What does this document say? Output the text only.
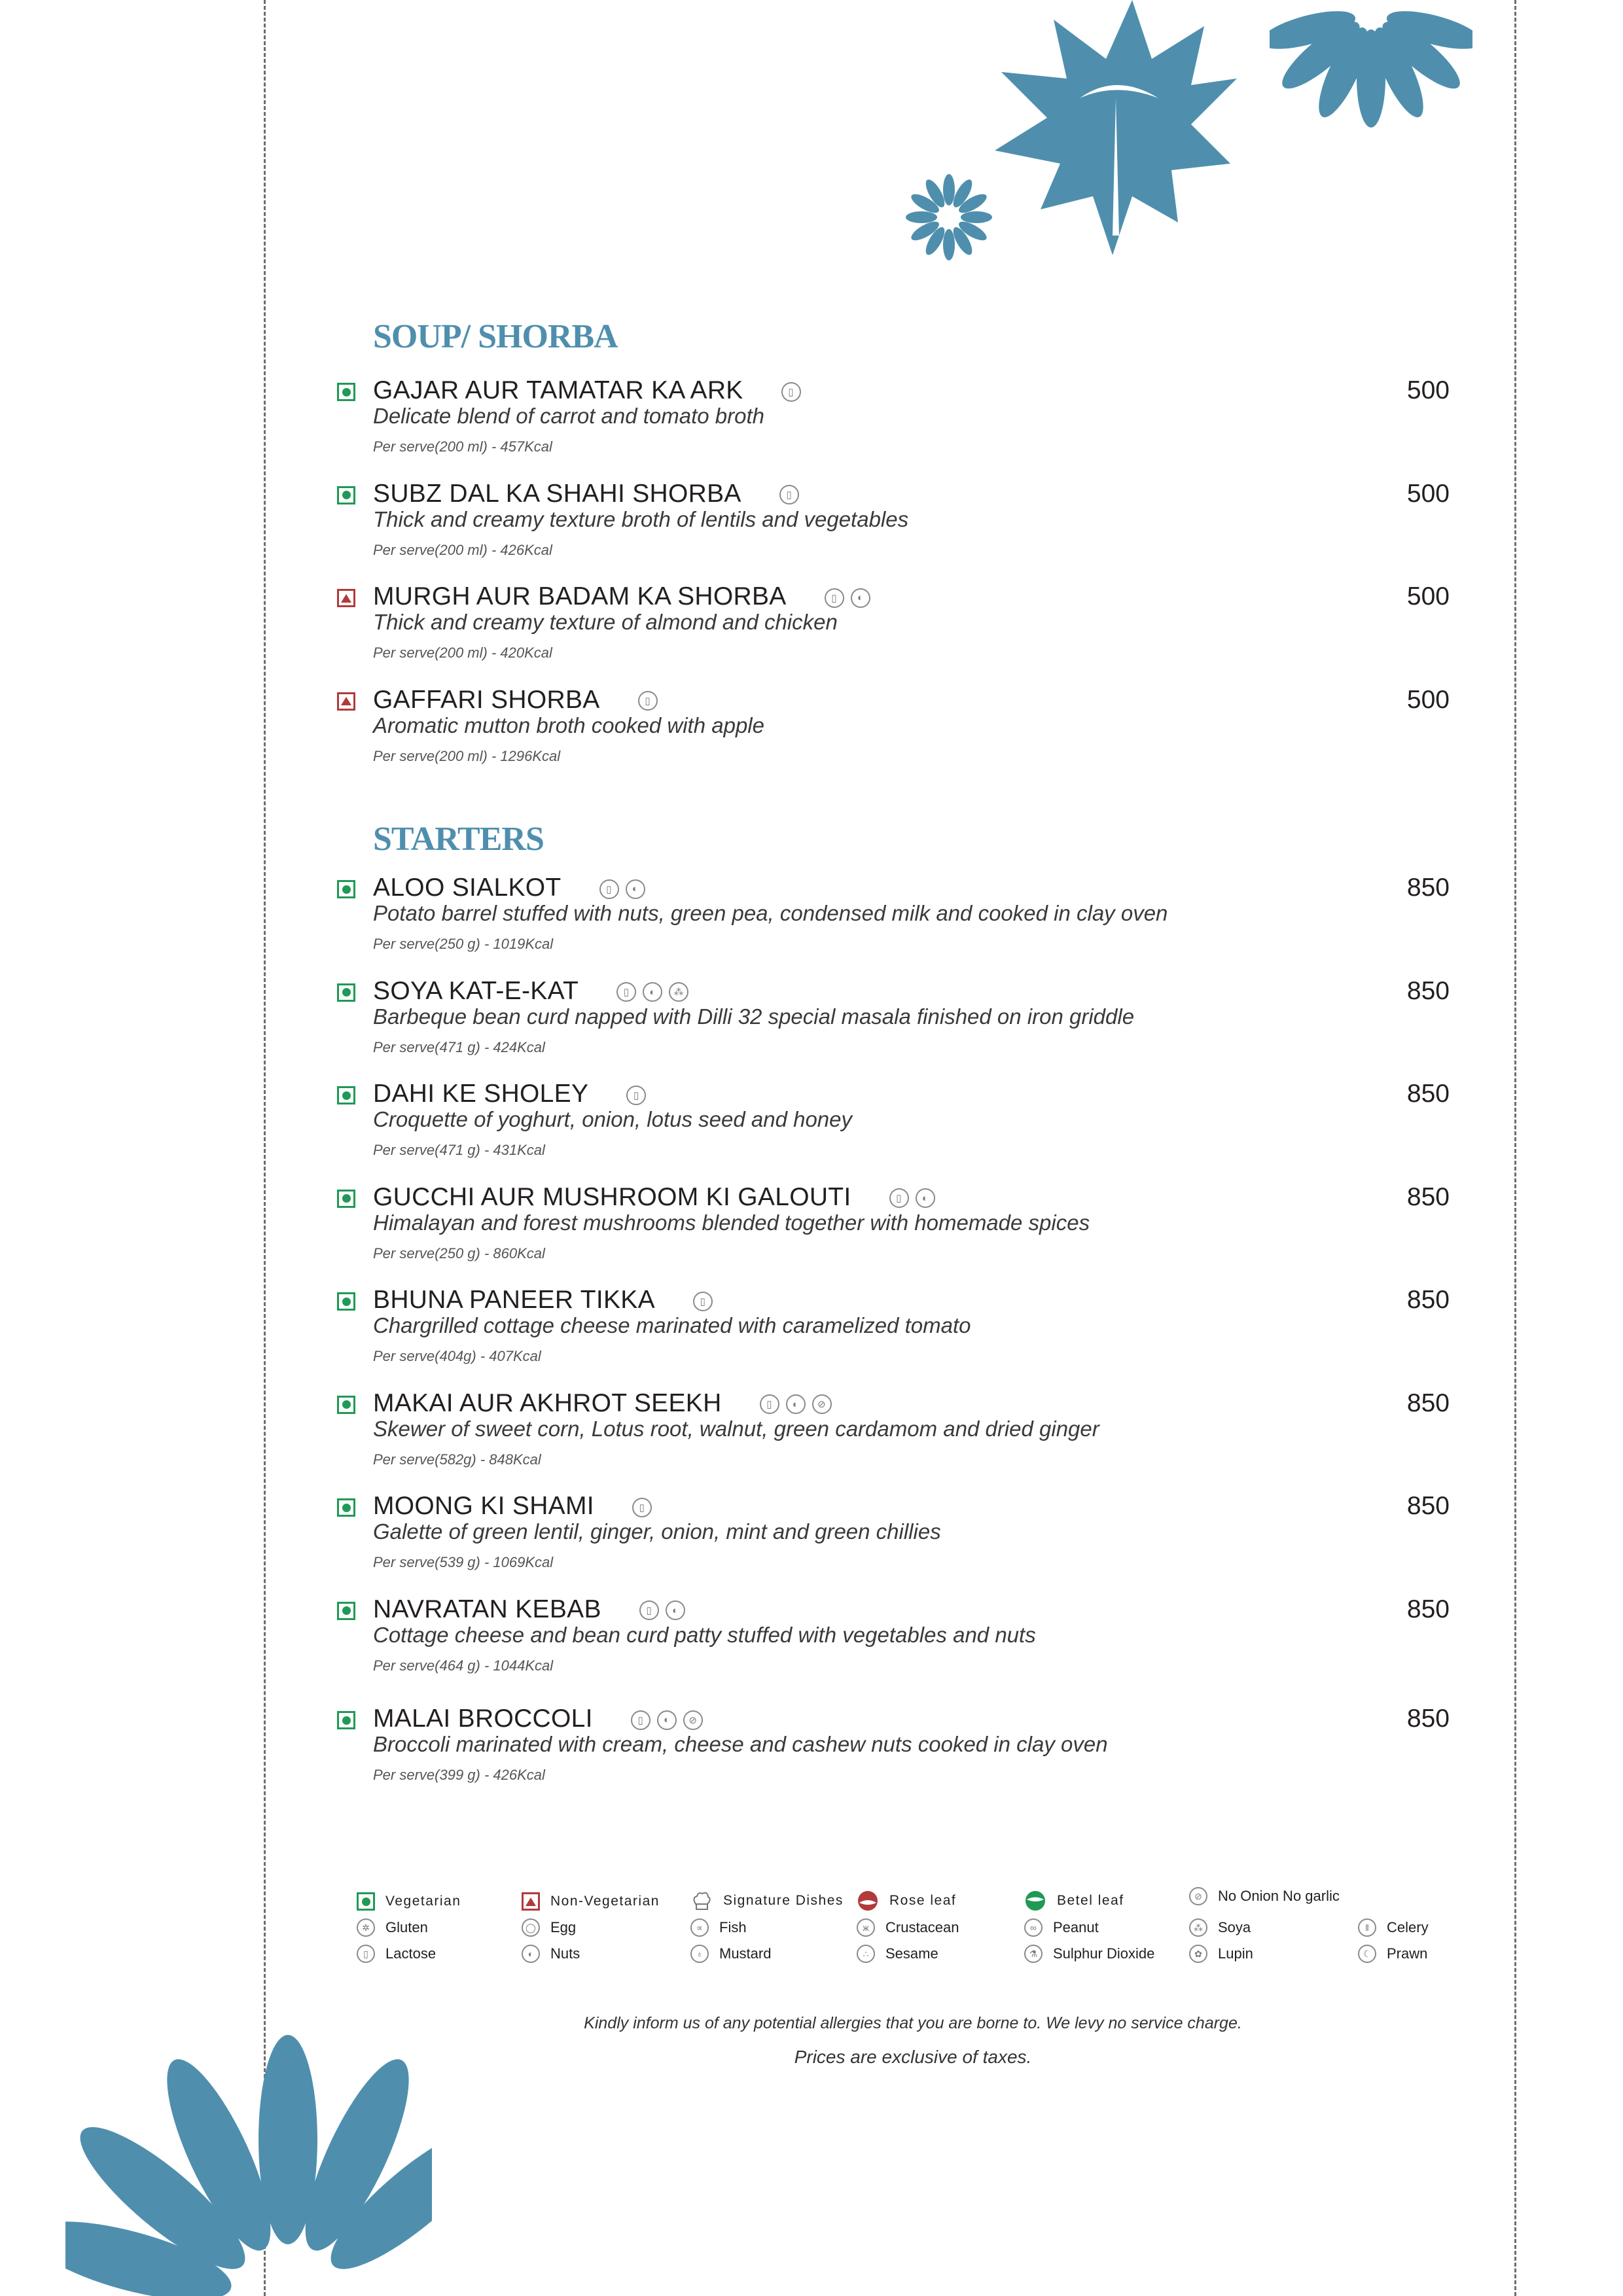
SOUP/ SHORBA
STARTERS
GAJAR AUR TAMATAR KA ARK	▯
Delicate blend of carrot and tomato broth
Per serve(200 ml) - 457Kcal
500
SUBZ DAL KA SHAHI SHORBA	▯
Thick and creamy texture broth of lentils and vegetables
Per serve(200 ml) - 426Kcal
500
MURGH AUR BADAM KA SHORBA	▯	◐
Thick and creamy texture of almond and chicken
Per serve(200 ml) - 420Kcal
500
GAFFARI SHORBA	▯
Aromatic mutton broth cooked with apple
Per serve(200 ml) - 1296Kcal
500
ALOO SIALKOT	▯	◐
Potato barrel stuffed with nuts, green pea, condensed milk and cooked in clay oven
Per serve(250 g) - 1019Kcal
850
SOYA KAT-E-KAT	▯	◐	⁂
Barbeque bean curd napped with Dilli 32 special masala finished on iron griddle
Per serve(471 g) - 424Kcal
850
DAHI KE SHOLEY	▯
Croquette of yoghurt, onion, lotus seed and honey
Per serve(471 g) - 431Kcal
850
GUCCHI AUR MUSHROOM KI GALOUTI	▯	◐
Himalayan and forest mushrooms blended together with homemade spices
Per serve(250 g) - 860Kcal
850
BHUNA PANEER TIKKA	▯
Chargrilled cottage cheese marinated with caramelized tomato
Per serve(404g) - 407Kcal
850
MAKAI AUR AKHROT SEEKH	▯	◐	⊘
Skewer of sweet corn, Lotus root, walnut, green cardamom and dried ginger
Per serve(582g) - 848Kcal
850
MOONG KI SHAMI	▯
Galette of green lentil, ginger, onion, mint and green chillies
Per serve(539 g) - 1069Kcal
850
NAVRATAN KEBAB	▯	◐
Cottage cheese and bean curd patty stuffed with vegetables and nuts
Per serve(464 g) - 1044Kcal
850
MALAI BROCCOLI	▯	◐	⊘
Broccoli marinated with cream, cheese and cashew nuts cooked in clay oven
Per serve(399 g) - 426Kcal
850
Vegetarian	Non-Vegetarian	Signature Dishes	Rose leaf	Betel leaf	⊘	No Onion No garlic
✲	Gluten	◯ Egg	∝	Fish	ж	Crustacean	∞	Peanut	⁂	Soya	ǁ	Celery
▯	Lactose	◐	Nuts	♁	Mustard	∴	Sesame	⚗	Sulphur Dioxide	✿	Lupin	☾	Prawn
Kindly inform us of any potential allergies that you are borne to. We levy no service charge.
Prices are exclusive of taxes.
